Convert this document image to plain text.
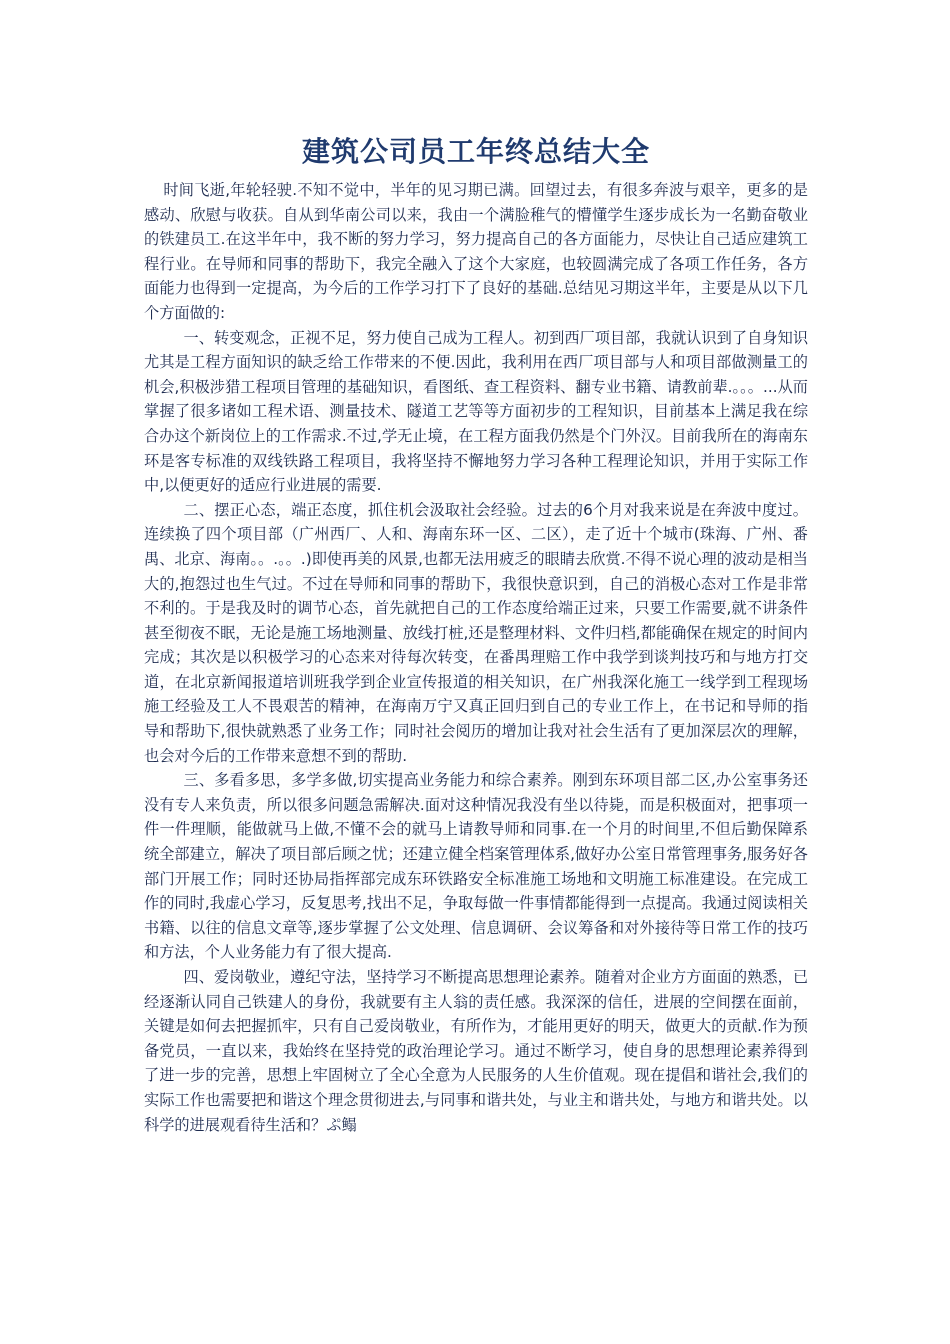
建筑公司员工年终总结大全

时间飞逝,年轮轻驶.不知不觉中，半年的见习期已满。回望过去，有很多奔波与艰辛，更多的是感动、欣慰与收获。自从到华南公司以来，我由一个满脸稚气的懵懂学生逐步成长为一名勤奋敬业的铁建员工.在这半年中，我不断的努力学习，努力提高自己的各方面能力，尽快让自己适应建筑工程行业。在导师和同事的帮助下，我完全融入了这个大家庭，也较圆满完成了各项工作任务，各方面能力也得到一定提高，为今后的工作学习打下了良好的基础.总结见习期这半年，主要是从以下几个方面做的:

一、转变观念，正视不足，努力使自己成为工程人。初到西厂项目部，我就认识到了自身知识尤其是工程方面知识的缺乏给工作带来的不便.因此，我利用在西厂项目部与人和项目部做测量工的机会,积极涉猎工程项目管理的基础知识，看图纸、查工程资料、翻专业书籍、请教前辈.。。。...从而掌握了很多诸如工程术语、测量技术、隧道工艺等等方面初步的工程知识，目前基本上满足我在综合办这个新岗位上的工作需求.不过,学无止境，在工程方面我仍然是个门外汉。目前我所在的海南东环是客专标准的双线铁路工程项目，我将坚持不懈地努力学习各种工程理论知识，并用于实际工作中,以便更好的适应行业进展的需要.

二、摆正心态，端正态度，抓住机会汲取社会经验。过去的6个月对我来说是在奔波中度过。连续换了四个项目部（广州西厂、人和、海南东环一区、二区），走了近十个城市(珠海、广州、番禺、北京、海南。。.。。.)即使再美的风景,也都无法用疲乏的眼睛去欣赏.不得不说心理的波动是相当大的,抱怨过也生气过。不过在导师和同事的帮助下，我很快意识到，自己的消极心态对工作是非常不利的。于是我及时的调节心态，首先就把自己的工作态度给端正过来，只要工作需要,就不讲条件甚至彻夜不眠，无论是施工场地测量、放线打桩,还是整理材料、文件归档,都能确保在规定的时间内完成；其次是以积极学习的心态来对待每次转变，在番禺理赔工作中我学到谈判技巧和与地方打交道，在北京新闻报道培训班我学到企业宣传报道的相关知识，在广州我深化施工一线学到工程现场施工经验及工人不畏艰苦的精神，在海南万宁又真正回归到自己的专业工作上，在书记和导师的指导和帮助下,很快就熟悉了业务工作；同时社会阅历的增加让我对社会生活有了更加深层次的理解，也会对今后的工作带来意想不到的帮助.

三、多看多思，多学多做,切实提高业务能力和综合素养。刚到东环项目部二区,办公室事务还没有专人来负责，所以很多问题急需解决.面对这种情况我没有坐以待毙，而是积极面对，把事项一件一件理顺，能做就马上做,不懂不会的就马上请教导师和同事.在一个月的时间里,不但后勤保障系统全部建立，解决了项目部后顾之忧；还建立健全档案管理体系,做好办公室日常管理事务,服务好各部门开展工作；同时还协局指挥部完成东环铁路安全标准施工场地和文明施工标准建设。在完成工作的同时,我虚心学习，反复思考,找出不足，争取每做一件事情都能得到一点提高。我通过阅读相关书籍、以往的信息文章等,逐步掌握了公文处理、信息调研、会议筹备和对外接待等日常工作的技巧和方法，个人业务能力有了很大提高.

四、爱岗敬业，遵纪守法，坚持学习不断提高思想理论素养。随着对企业方方面面的熟悉，已经逐渐认同自己铁建人的身份，我就要有主人翁的责任感。我深深的信任，进展的空间摆在面前，关键是如何去把握抓牢，只有自己爱岗敬业，有所作为，才能用更好的明天，做更大的贡献.作为预备党员，一直以来，我始终在坚持党的政治理论学习。通过不断学习，使自身的思想理论素养得到了进一步的完善，思想上牢固树立了全心全意为人民服务的人生价值观。现在提倡和谐社会,我们的实际工作也需要把和谐这个理念贯彻进去,与同事和谐共处，与业主和谐共处，与地方和谐共处。以科学的进展观看待生活和？ぷ鳎
